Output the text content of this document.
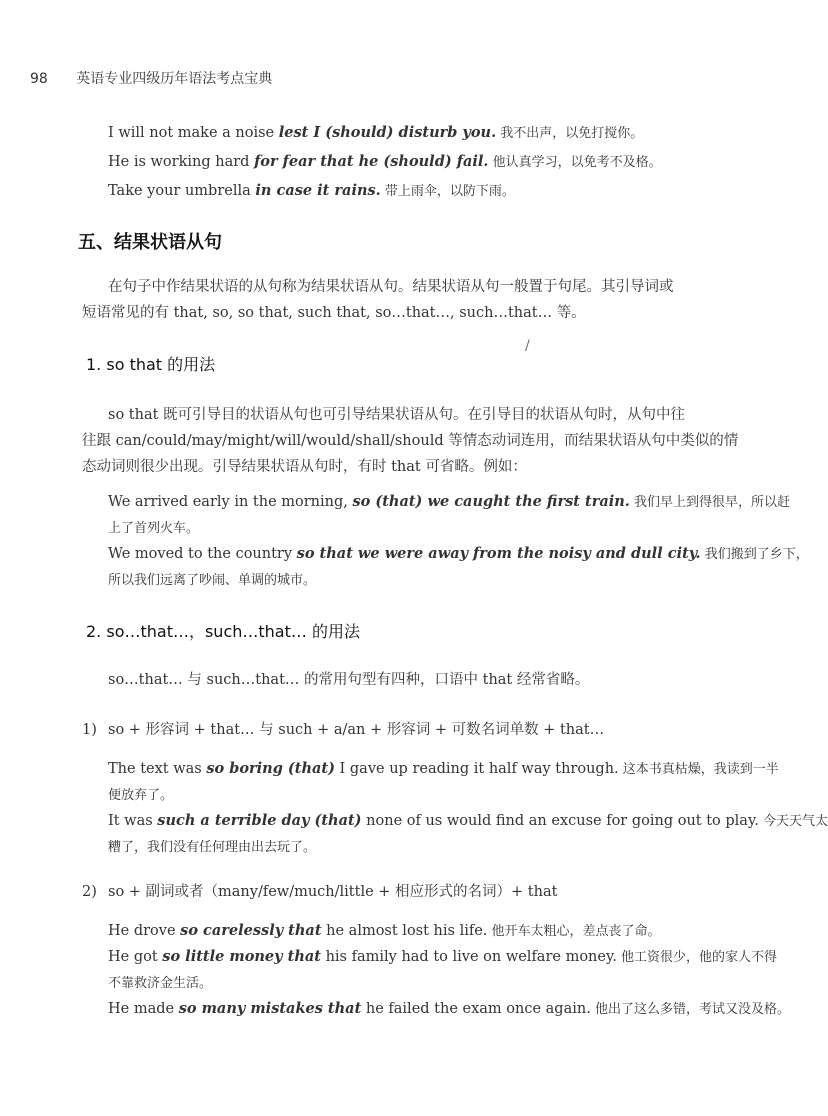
98 英语专业四级历年语法考点宝典
I will not make a noise lest I (should) disturb you. 我不出声，以免打搅你。
He is working hard for fear that he (should) fail. 他认真学习，以免考不及格。
Take your umbrella in case it rains. 带上雨伞，以防下雨。
五、结果状语从句
在句子中作结果状语的从句称为结果状语从句。结果状语从句一般置于句尾。其引导词或
短语常见的有 that, so, so that, such that, so…that…, such…that… 等。
/
1. so that 的用法
so that 既可引导目的状语从句也可引导结果状语从句。在引导目的状语从句时，从句中往
往跟 can/could/may/might/will/would/shall/should 等情态动词连用，而结果状语从句中类似的情
态动词则很少出现。引导结果状语从句时，有时 that 可省略。例如：
We arrived early in the morning, so (that) we caught the first train. 我们早上到得很早，所以赶
上了首列火车。
We moved to the country so that we were away from the noisy and dull city. 我们搬到了乡下，
所以我们远离了吵闹、单调的城市。
2. so…that…，such…that… 的用法
so…that… 与 such…that… 的常用句型有四种，口语中 that 经常省略。
1) so + 形容词 + that… 与 such + a/an + 形容词 + 可数名词单数 + that…
The text was so boring (that) I gave up reading it half way through. 这本书真枯燥，我读到一半
便放弃了。
It was such a terrible day (that) none of us would find an excuse for going out to play. 今天天气太
糟了，我们没有任何理由出去玩了。
2) so + 副词或者（many/few/much/little + 相应形式的名词）+ that
He drove so carelessly that he almost lost his life. 他开车太粗心，差点丧了命。
He got so little money that his family had to live on welfare money. 他工资很少，他的家人不得
不靠救济金生活。
He made so many mistakes that he failed the exam once again. 他出了这么多错，考试又没及格。
